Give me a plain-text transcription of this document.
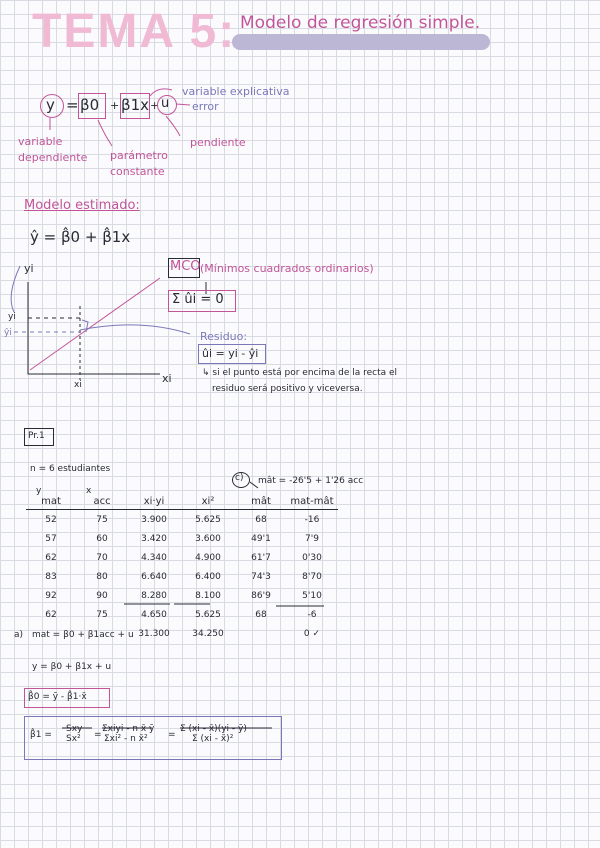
TEMA 5: Modelo de regresión simple.
y = β0 + β1x + u
variable explicativa
error
pendiente
variable dependiente	parámetro constante
Modelo estimado:
ŷ = β̂0 + β̂1x
yi
yi
ŷi
xi	xi
MCO (Mínimos cuadrados ordinarios)
Σ ûi = 0
Residuo:
ûi = yi - ŷi
↳ si el punto está por encima de la recta el
residuo será positivo y viceversa.
Pr.1
n = 6 estudiantes
c) mât = -26'5 + 1'26 acc
y	x
mat	acc	xi·yi	xi²	mât	mat-mât
52	75	3.900	5.625	68	-16
57	60	3.420	3.600	49'1	7'9
62	70	4.340	4.900	61'7	0'30
83	80	6.640	6.400	74'3	8'70
92	90	8.280	8.100	86'9	5'10
62	75	4.650	5.625	68	-6
		31.300	34.250		0 ✓
a) mat = β0 + β1acc + u
y = β0 + β1x + u
β̂0 = ȳ - β̂1·x̄
β̂1 =
Sxy
Sx² =
Σxiyi - n x̄ ȳ
Σxi² - n x̄² =
Σ (xi - x̄)(yi - ȳ)
Σ (xi - x̄)²
